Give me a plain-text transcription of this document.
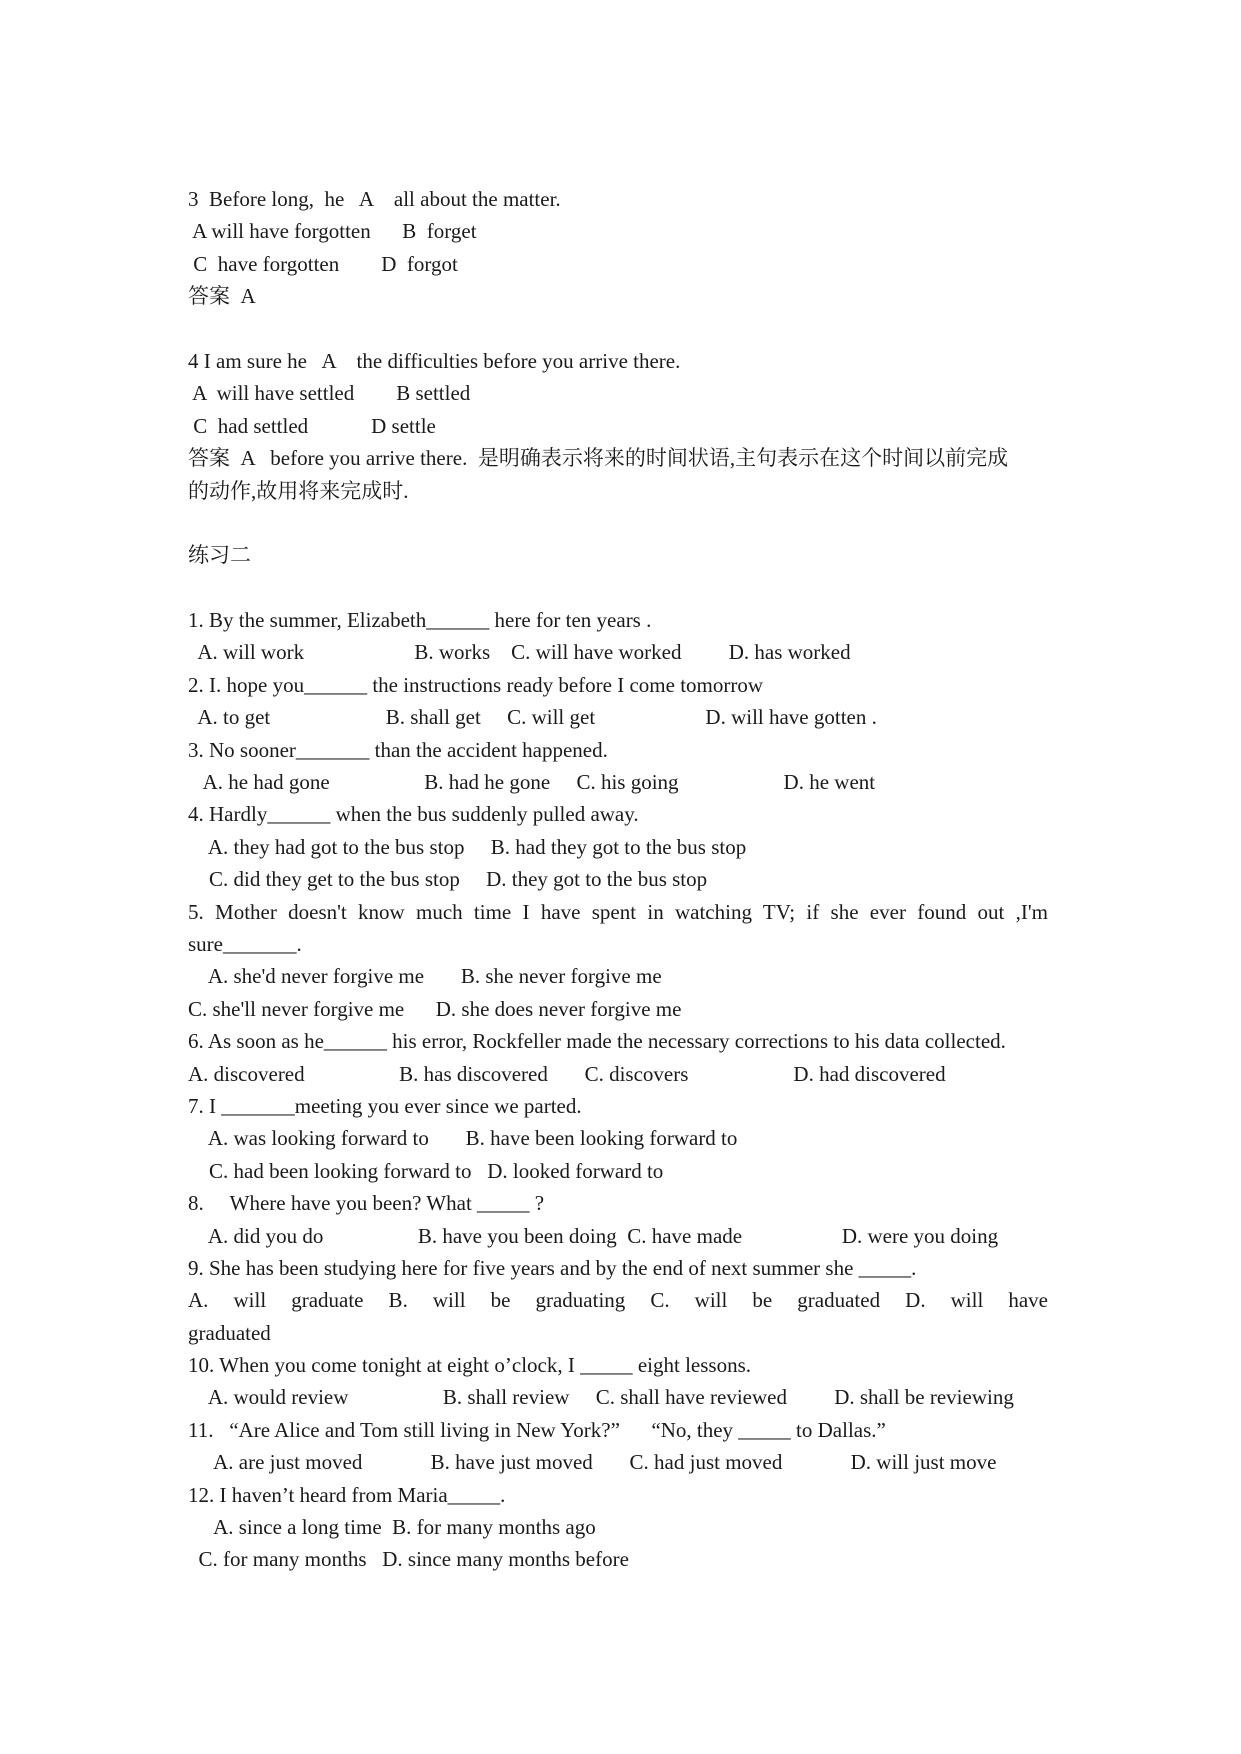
3  Before long,  he   A    all about the matter.
A will have forgotten      B  forget
C  have forgotten        D  forgot
答案  A
4 I am sure he   A    the difficulties before you arrive there.
A  will have settled        B settled
C  had settled            D settle
答案  A   before you arrive there.  是明确表示将来的时间状语,主句表示在这个时间以前完成
的动作,故用将来完成时.
练习二
1. By the summer, Elizabeth______ here for ten years .
A. will work                     B. works    C. will have worked         D. has worked
2. I. hope you______ the instructions ready before I come tomorrow
A. to get                      B. shall get     C. will get                     D. will have gotten .
3. No sooner_______ than the accident happened.
A. he had gone                  B. had he gone     C. his going                    D. he went
4. Hardly______ when the bus suddenly pulled away.
A. they had got to the bus stop     B. had they got to the bus stop
C. did they get to the bus stop     D. they got to the bus stop
5. Mother doesn't know much time I have spent in watching TV; if she ever found out ,I'm
sure_______.
A. she'd never forgive me       B. she never forgive me
C. she'll never forgive me      D. she does never forgive me
6. As soon as he______ his error, Rockfeller made the necessary corrections to his data collected.
A. discovered                  B. has discovered       C. discovers                    D. had discovered
7. I _______meeting you ever since we parted.
A. was looking forward to       B. have been looking forward to
C. had been looking forward to   D. looked forward to
8.     Where have you been? What _____ ?
A. did you do                  B. have you been doing  C. have made                   D. were you doing
9. She has been studying here for five years and by the end of next summer she _____.
A. will graduate B. will be graduating C. will be graduated D. will have
graduated
10. When you come tonight at eight o’clock, I _____ eight lessons.
A. would review                  B. shall review     C. shall have reviewed         D. shall be reviewing
11.   “Are Alice and Tom still living in New York?”      “No, they _____ to Dallas.”
A. are just moved             B. have just moved       C. had just moved             D. will just move
12. I haven’t heard from Maria_____.
A. since a long time  B. for many months ago
C. for many months   D. since many months before
